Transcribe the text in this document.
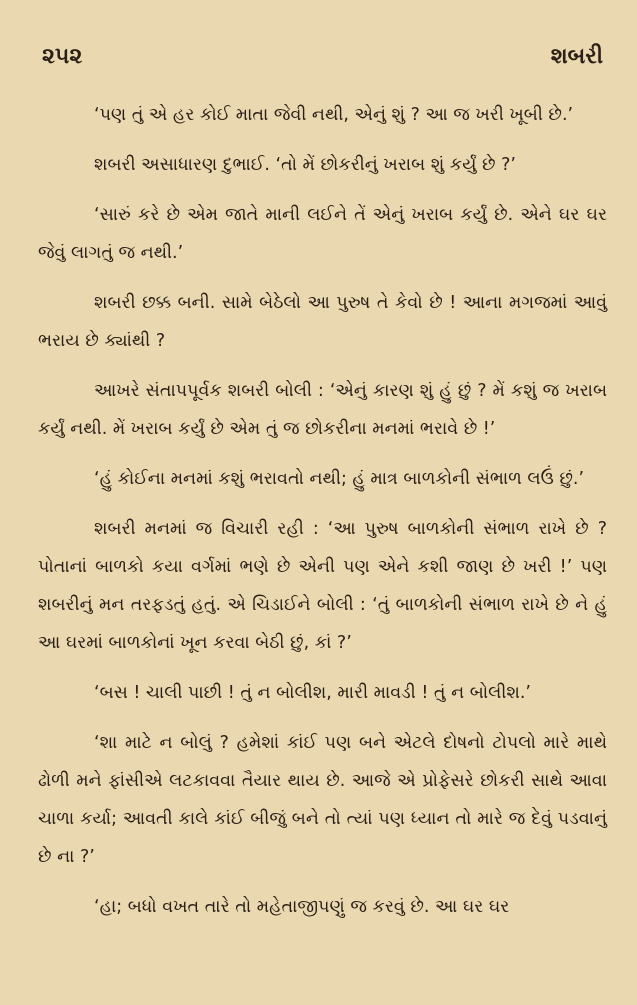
૨૫૨	શબરી

‘પણ તું એ હર કોઈ માતા જેવી નથી, એનું શું ? આ જ ખરી ખૂબી છે.’

શબરી અસાધારણ દુભાઈ. ‘તો મેં છોકરીનું ખરાબ શું કર્યું છે ?’

‘સારું કરે છે એમ જાતે માની લઈને તેં એનું ખરાબ કર્યું છે. એને ઘર ઘર જેવું લાગતું જ નથી.’

શબરી છક્ક બની. સામે બેઠેલો આ પુરુષ તે કેવો છે ! આના મગજમાં આવું ભરાય છે ક્યાંથી ?

આખરે સંતાપપૂર્વક શબરી બોલી : ‘એનું કારણ શું હું છું ? મેં કશું જ ખરાબ કર્યું નથી. મેં ખરાબ કર્યું છે એમ તું જ છોકરીના મનમાં ભરાવે છે !’

‘હું કોઈના મનમાં કશું ભરાવતો નથી; હું માત્ર બાળકોની સંભાળ લઉં છું.’

શબરી મનમાં જ વિચારી રહી : ‘આ પુરુષ બાળકોની સંભાળ રાખે છે ? પોતાનાં બાળકો કયા વર્ગમાં ભણે છે એની પણ એને કશી જાણ છે ખરી !’ પણ શબરીનું મન તરફડતું હતું. એ ચિડાઈને બોલી : ‘તું બાળકોની સંભાળ રાખે છે ને હું આ ઘરમાં બાળકોનાં ખૂન કરવા બેઠી છું, કાં ?’

‘બસ ! ચાલી પાછી ! તું ન બોલીશ, મારી માવડી ! તું ન બોલીશ.’

‘શા માટે ન બોલું ? હમેશાં કાંઈ પણ બને એટલે દોષનો ટોપલો મારે માથે ઢોળી મને ફાંસીએ લટકાવવા તૈયાર થાય છે. આજે એ પ્રોફેસરે છોકરી સાથે આવા ચાળા કર્યા; આવતી કાલે કાંઈ બીજું બને તો ત્યાં પણ ધ્યાન તો મારે જ દેવું પડવાનું છે ના ?’

‘હા; બધો વખત તારે તો મહેતાજીપણું જ કરવું છે. આ ઘર ઘર
